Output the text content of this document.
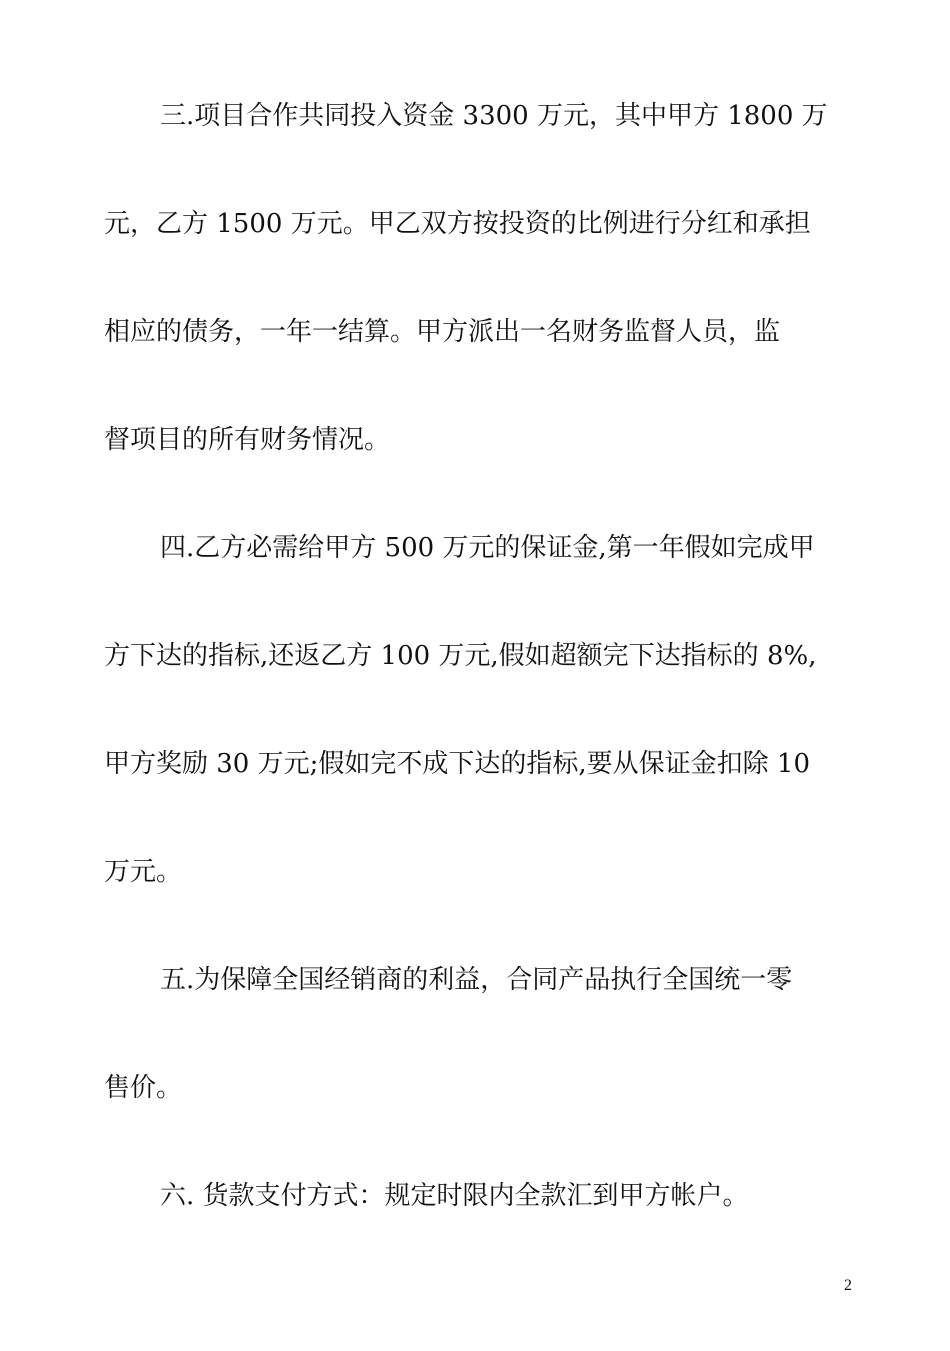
三.项目合作共同投入资金 3300 万元，其中甲方 1800 万
元，乙方 1500 万元。甲乙双方按投资的比例进行分红和承担
相应的债务，一年一结算。甲方派出一名财务监督人员，监
督项目的所有财务情况。
四.乙方必需给甲方 500 万元的保证金,第一年假如完成甲
方下达的指标,还返乙方 100 万元,假如超额完下达指标的 8%,
甲方奖励 30 万元;假如完不成下达的指标,要从保证金扣除 10
万元。
五.为保障全国经销商的利益，合同产品执行全国统一零
售价。
六. 货款支付方式：规定时限内全款汇到甲方帐户。
2
